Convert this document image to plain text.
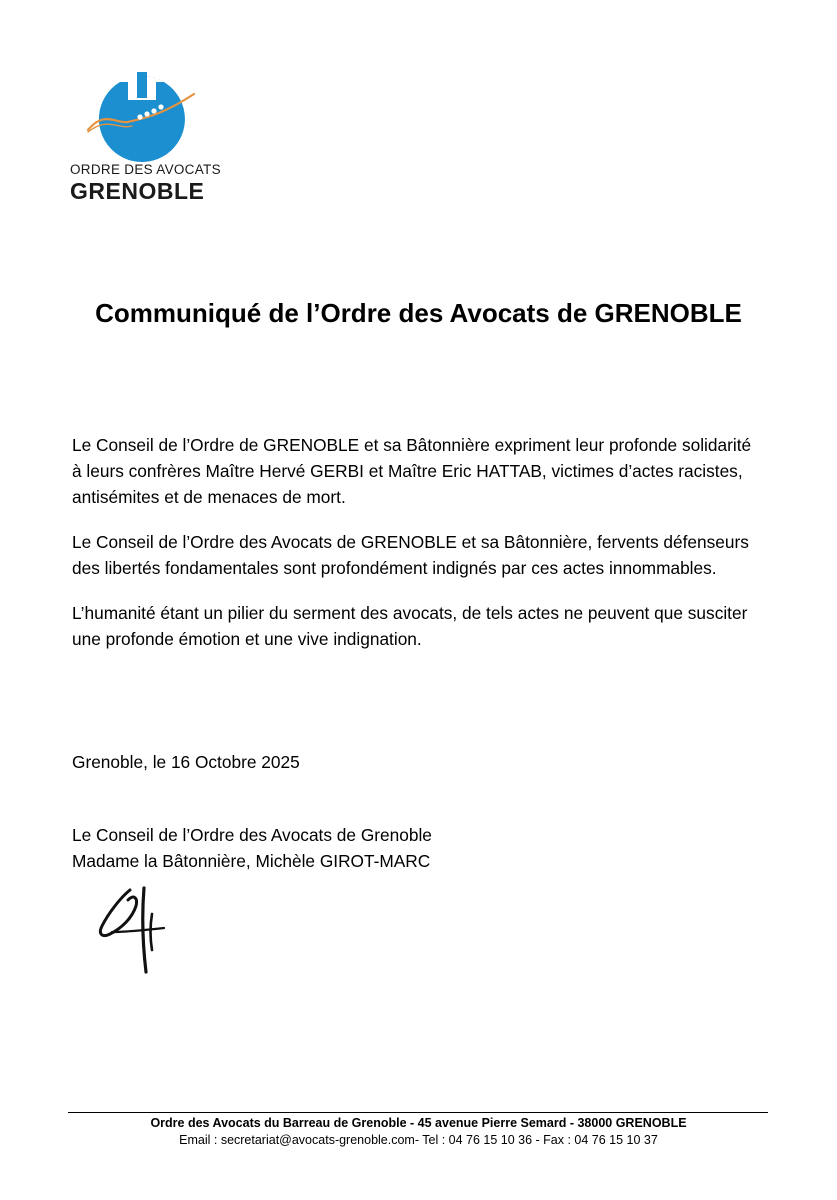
ORDRE DES AVOCATS
GRENOBLE
Communiqué de l’Ordre des Avocats de GRENOBLE

Le Conseil de l’Ordre de GRENOBLE et sa Bâtonnière expriment leur profonde solidarité
à leurs confrères Maître Hervé GERBI et Maître Eric HATTAB, victimes d’actes racistes,
antisémites et de menaces de mort.

Le Conseil de l’Ordre des Avocats de GRENOBLE et sa Bâtonnière, fervents défenseurs
des libertés fondamentales sont profondément indignés par ces actes innommables.

L’humanité étant un pilier du serment des avocats, de tels actes ne peuvent que susciter
une profonde émotion et une vive indignation.

Grenoble, le 16 Octobre 2025

Le Conseil de l’Ordre des Avocats de Grenoble

Madame la Bâtonnière, Michèle GIROT-MARC

Ordre des Avocats du Barreau de Grenoble - 45 avenue Pierre Semard - 38000 GRENOBLE
Email : secretariat@avocats-grenoble.com- Tel : 04 76 15 10 36 - Fax : 04 76 15 10 37
